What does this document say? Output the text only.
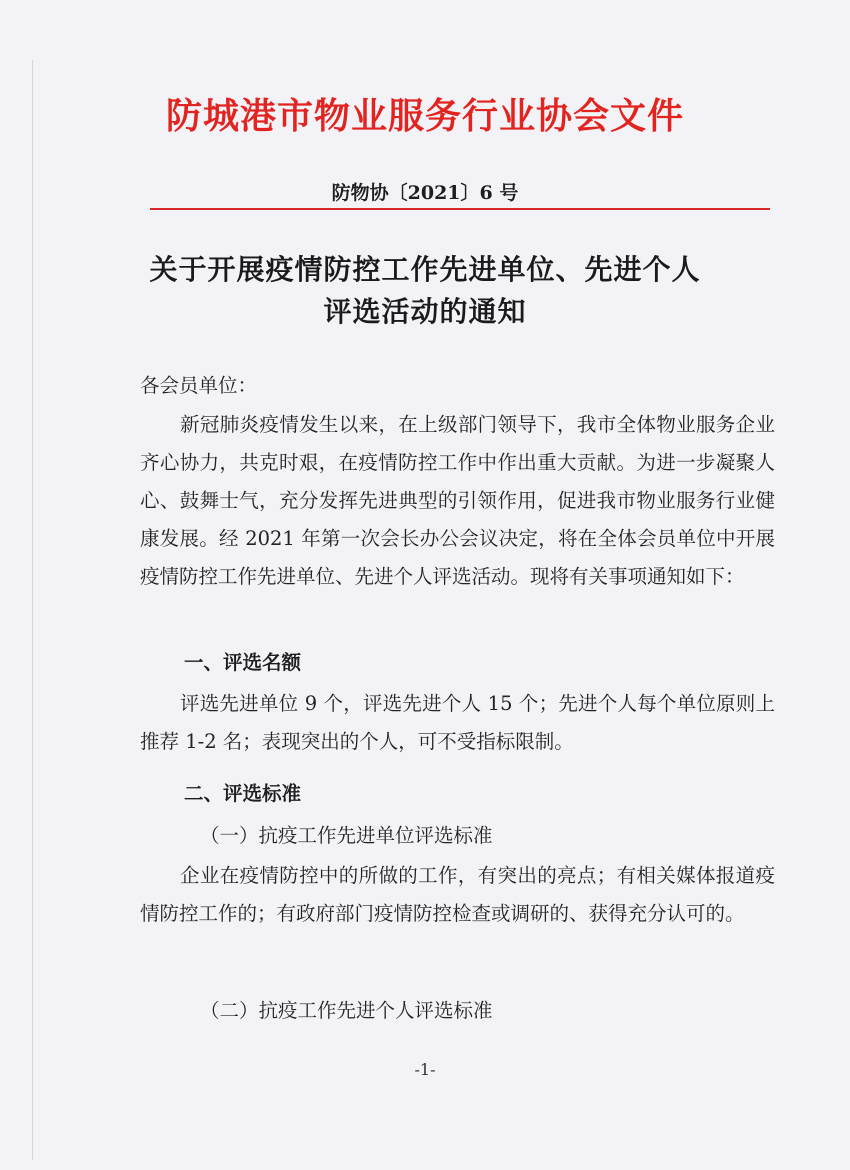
防城港市物业服务行业协会文件
防物协〔2021〕6 号
关于开展疫情防控工作先进单位、先进个人
评选活动的通知
各会员单位：
新冠肺炎疫情发生以来，在上级部门领导下，我市全体物业服务企业齐心协力，共克时艰，在疫情防控工作中作出重大贡献。为进一步凝聚人心、鼓舞士气，充分发挥先进典型的引领作用，促进我市物业服务行业健康发展。经 2021 年第一次会长办公会议决定，将在全体会员单位中开展疫情防控工作先进单位、先进个人评选活动。现将有关事项通知如下：
一、评选名额
评选先进单位 9 个，评选先进个人 15 个；先进个人每个单位原则上推荐 1-2 名；表现突出的个人，可不受指标限制。
二、评选标准
（一）抗疫工作先进单位评选标准
企业在疫情防控中的所做的工作，有突出的亮点；有相关媒体报道疫情防控工作的；有政府部门疫情防控检查或调研的、获得充分认可的。
（二）抗疫工作先进个人评选标准
-1-
